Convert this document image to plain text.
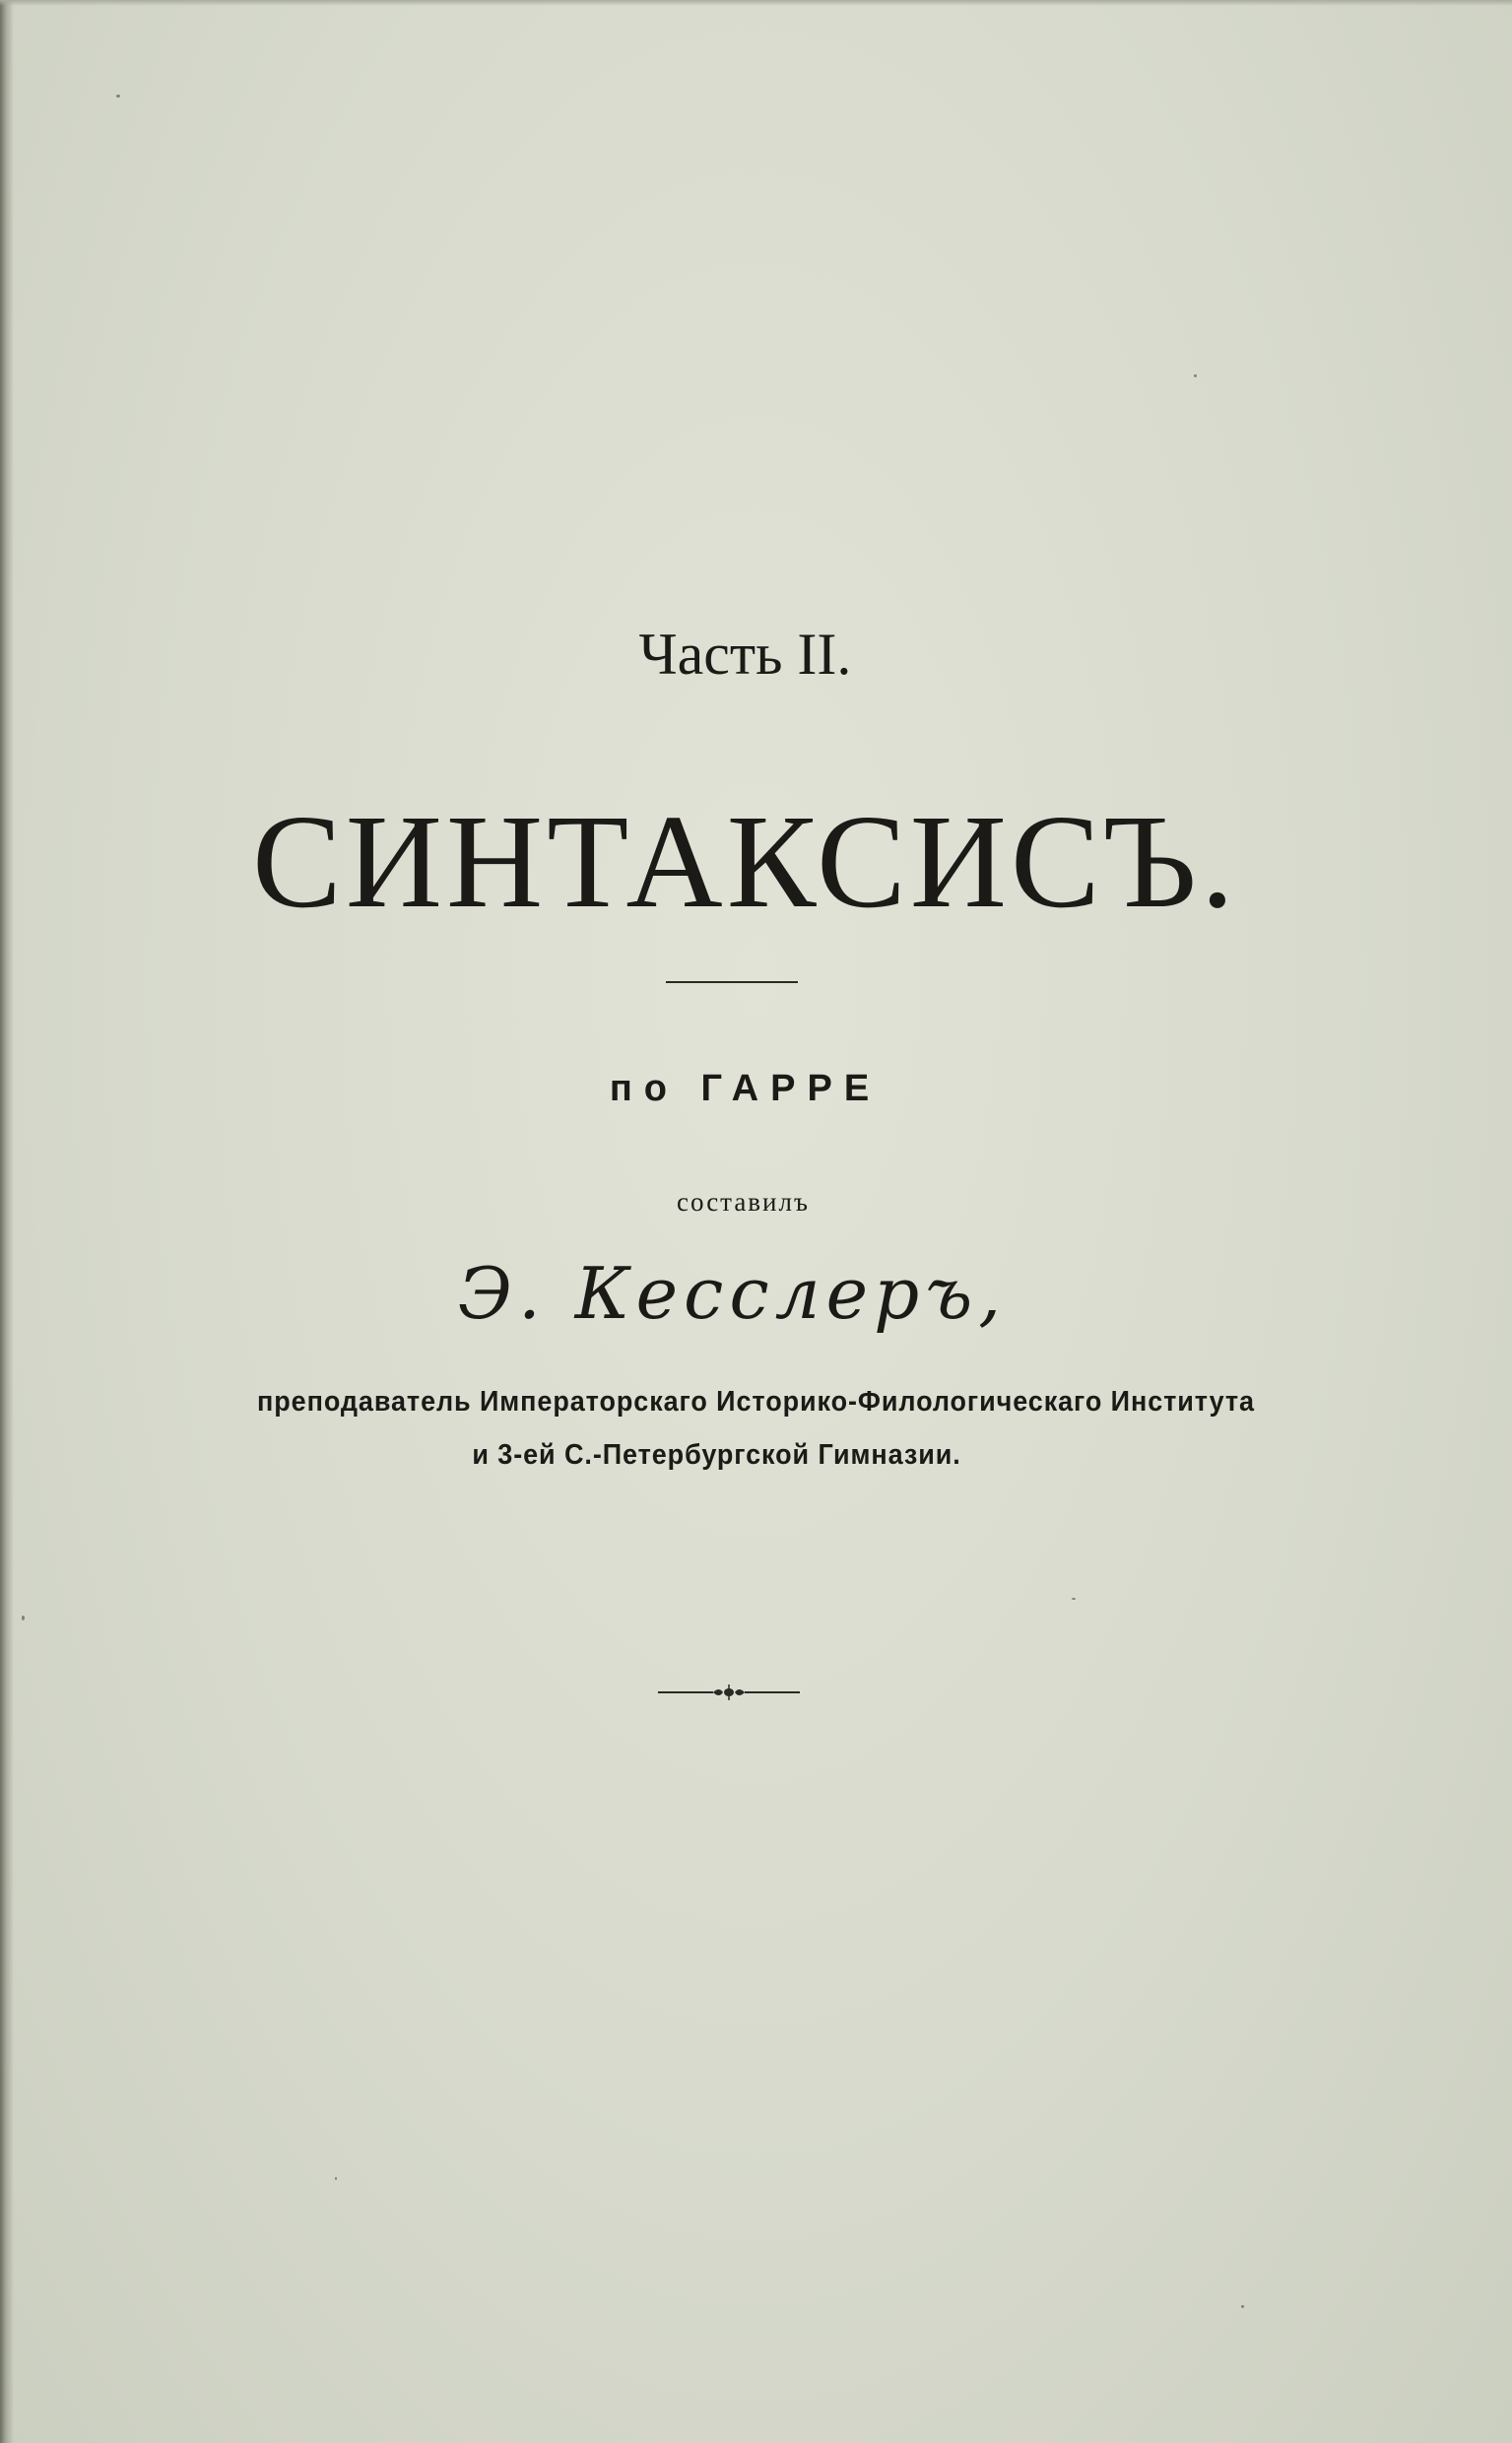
Часть II.
СИНТАКСИСЪ.
по ГАРРЕ
составилъ
Э. Кесслеръ,
преподаватель Императорскаго Историко-Филологическаго Института
и 3-ей С.-Петербургской Гимназии.
